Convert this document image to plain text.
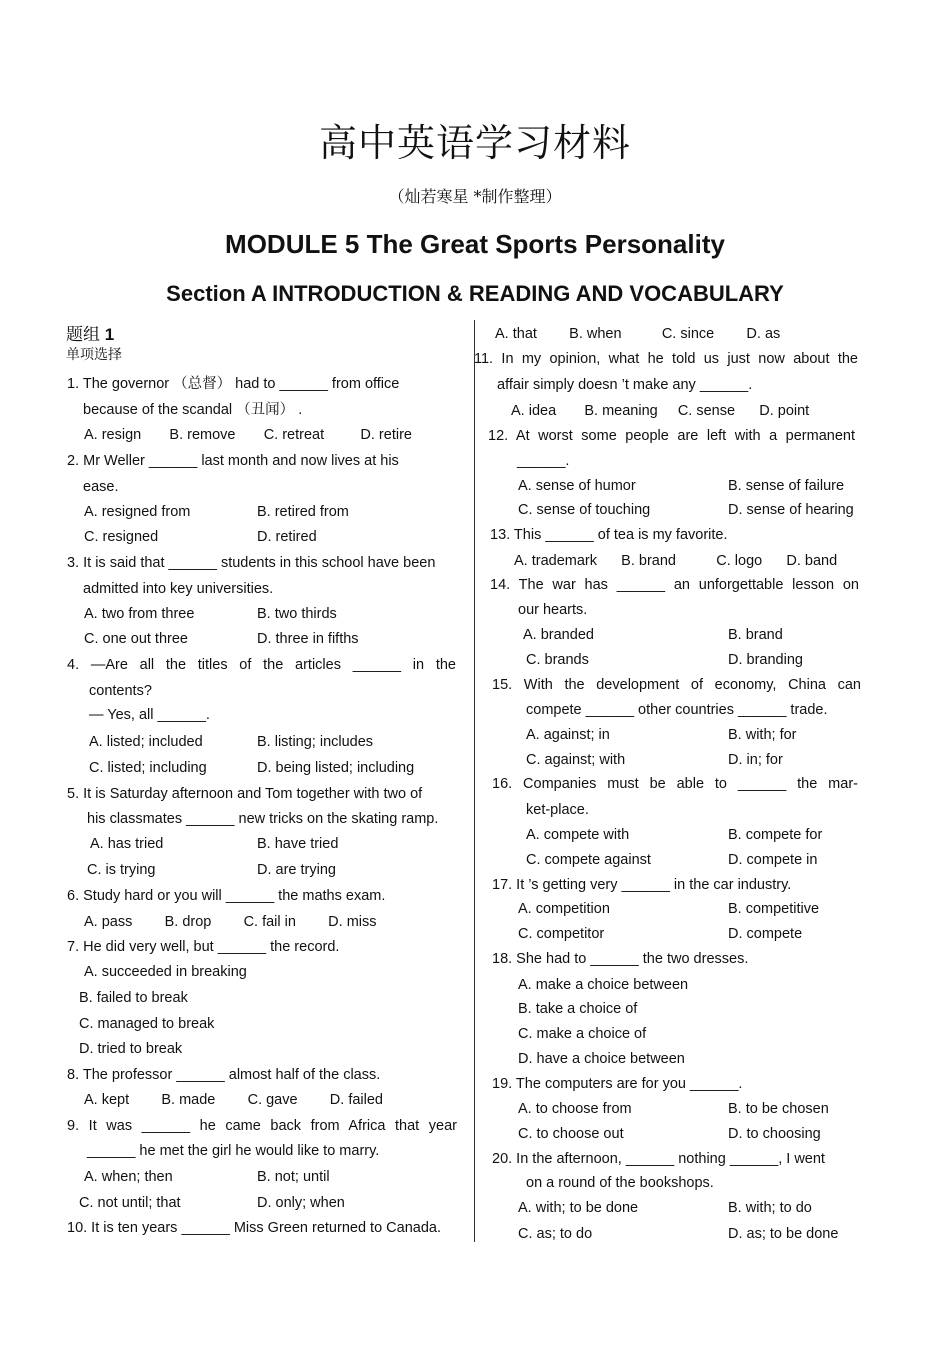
高中英语学习材料
（灿若寒星 *制作整理）
MODULE 5 The Great Sports Personality
Section A INTRODUCTION & READING AND VOCABULARY
题组 1
单项选择
1. The governor （总督） had to ______ from office
because of the scandal （丑闻） .
A. resign       B. remove       C. retreat         D. retire
2. Mr Weller ______ last month and now lives at his
ease.
A. resigned from	B. retired from
C. resigned	D. retired
3. It is said that ______ students in this school have been
admitted into key universities.
A. two from three	B. two thirds
C. one out three	D. three in fifths
4. —Are all the titles of the articles ______ in the
contents?
— Yes, all ______.
A. listed; included	B. listing; includes
C. listed; including	D. being listed; including
5. It is Saturday afternoon and Tom together with two of
his classmates ______ new tricks on the skating ramp.
A. has tried	B. have tried
C. is trying	D. are trying
6. Study hard or you will ______ the maths exam.
A. pass        B. drop        C. fail in        D. miss
7. He did very well, but ______ the record.
A. succeeded in breaking
B. failed to break
C. managed to break
D. tried to break
8. The professor ______ almost half of the class.
A. kept        B. made        C. gave        D. failed
9. It was ______ he came back from Africa that year
______ he met the girl he would like to marry.
A. when; then	B. not; until
C. not until; that	D. only; when
10. It is ten years ______ Miss Green returned to Canada.
A. that        B. when          C. since        D. as
11. In my opinion, what he told us just now about the
affair simply doesn ’t make any ______.
A. idea       B. meaning     C. sense      D. point
12. At worst some people are left with a permanent
______.
A. sense of humor	B. sense of failure
C. sense of touching	D. sense of hearing
13. This ______ of tea is my favorite.
A. trademark      B. brand          C. logo      D. band
14. The war has ______ an unforgettable lesson on
our hearts.
A. branded	B. brand
C. brands	D. branding
15. With the development of economy, China can
compete ______ other countries ______ trade.
A. against; in	B. with; for
C. against; with	D. in; for
16. Companies must be able to ______ the mar-
ket-place.
A. compete with	B. compete for
C. compete against	D. compete in
17. It ’s getting very ______ in the car industry.
A. competition	B. competitive
C. competitor	D. compete
18. She had to ______ the two dresses.
A. make a choice between
B. take a choice of
C. make a choice of
D. have a choice between
19. The computers are for you ______.
A. to choose from	B. to be chosen
C. to choose out	D. to choosing
20. In the afternoon, ______ nothing ______, I went
on a round of the bookshops.
A. with; to be done	B. with; to do
C. as; to do	D. as; to be done
